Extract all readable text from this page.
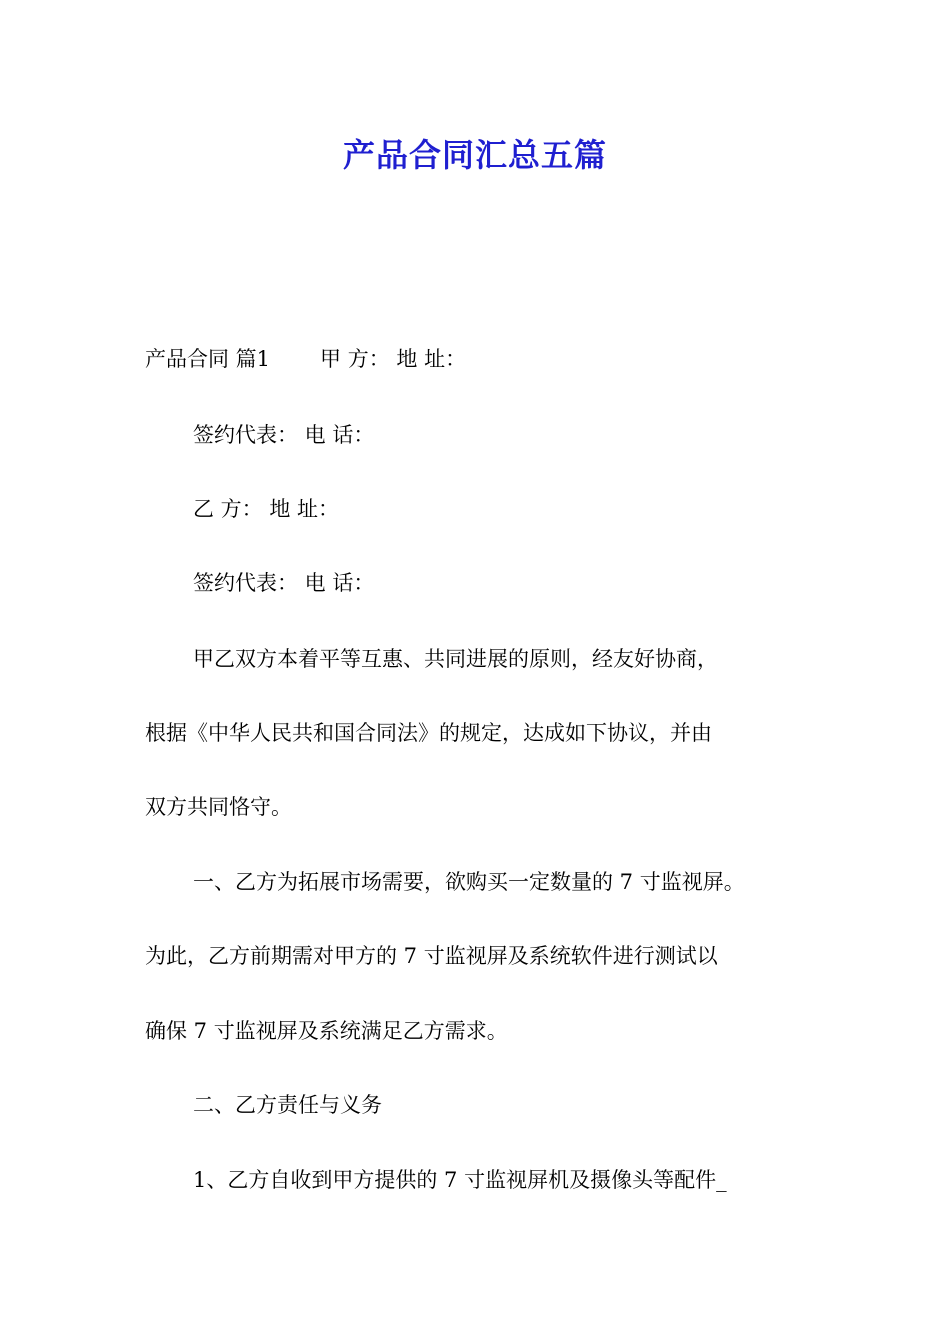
产品合同汇总五篇
产品合同 篇1 甲 方： 地 址：
签约代表： 电 话：
乙 方： 地 址：
签约代表： 电 话：
甲乙双方本着平等互惠、共同进展的原则，经友好协商，
根据《中华人民共和国合同法》的规定，达成如下协议，并由
双方共同恪守。
一、乙方为拓展市场需要，欲购买一定数量的 7 寸监视屏。
为此，乙方前期需对甲方的 7 寸监视屏及系统软件进行测试以
确保 7 寸监视屏及系统满足乙方需求。
二、乙方责任与义务
1、乙方自收到甲方提供的 7 寸监视屏机及摄像头等配件_
